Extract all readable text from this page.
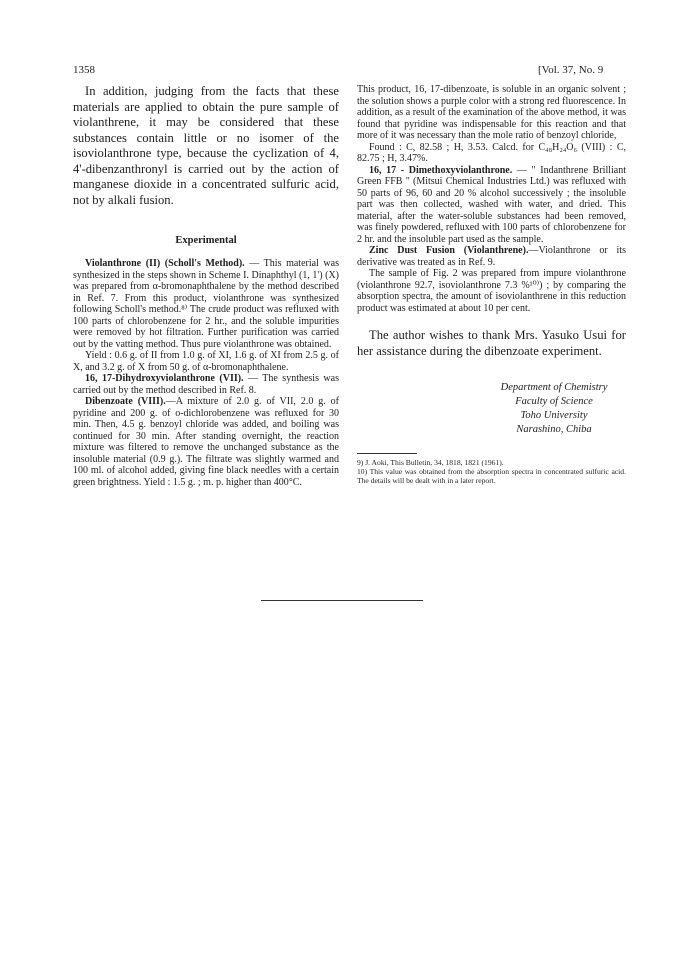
1358	[Vol. 37, No. 9

In addition, judging from the facts that these materials are applied to obtain the pure sample of violanthrene, it may be considered that these substances contain little or no isomer of the isoviolanthrone type, because the cyclization of 4, 4'-dibenzanthronyl is carried out by the action of manganese dioxide in a concentrated sulfuric acid, not by alkali fusion.

Experimental

Violanthrone (II) (Scholl's Method). — This material was synthesized in the steps shown in Scheme I. Dinaphthyl (1, 1') (X) was prepared from α-bromonaphthalene by the method described in Ref. 7. From this product, violanthrone was synthesized following Scholl's method.⁸⁾ The crude product was refluxed with 100 parts of chlorobenzene for 2 hr., and the soluble impurities were removed by hot filtration. Further purification was carried out by the vatting method. Thus pure violanthrone was obtained.

Yield : 0.6 g. of II from 1.0 g. of XI, 1.6 g. of XI from 2.5 g. of X, and 3.2 g. of X from 50 g. of α-bromonaphthalene.

16, 17-Dihydroxyviolanthrone (VII). — The synthesis was carried out by the method described in Ref. 8.

Dibenzoate (VIII).—A mixture of 2.0 g. of VII, 2.0 g. of pyridine and 200 g. of o-dichlorobenzene was refluxed for 30 min. Then, 4.5 g. benzoyl chloride was added, and boiling was continued for 30 min. After standing overnight, the reaction mixture was filtered to remove the unchanged substance as the insoluble material (0.9 g.). The filtrate was slightly warmed and 100 ml. of alcohol added, giving fine black needles with a certain green brightness. Yield : 1.5 g. ; m. p. higher than 400°C.

This product, 16, 17-dibenzoate, is soluble in an organic solvent ; the solution shows a purple color with a strong red fluorescence. In addition, as a result of the examination of the above method, it was found that pyridine was indispensable for this reaction and that more of it was necessary than the mole ratio of benzoyl chloride,

Found : C, 82.58 ; H, 3.53. Calcd. for C₄₈H₂₄O₆ (VIII) : C, 82.75 ; H, 3.47%.

16, 17 - Dimethoxyviolanthrone. — " Indanthrene Brilliant Green FFB " (Mitsui Chemical Industries Ltd.) was refluxed with 50 parts of 96, 60 and 20 % alcohol successively ; the insoluble part was then collected, washed with water, and dried. This material, after the water-soluble substances had been removed, was finely powdered, refluxed with 100 parts of chlorobenzene for 2 hr. and the insoluble part used as the sample.

Zinc Dust Fusion (Violanthrene).—Violanthrone or its derivative was treated as in Ref. 9.

The sample of Fig. 2 was prepared from impure violanthrone (violanthrone 92.7, isoviolanthrone 7.3 %¹⁰⁾) ; by comparing the absorption spectra, the amount of isoviolanthrene in this reduction product was estimated at about 10 per cent.

The author wishes to thank Mrs. Yasuko Usui for her assistance during the dibenzoate experiment.

Department of Chemistry
Faculty of Science
Toho University
Narashino, Chiba

9) J. Aoki, This Bulletin, 34, 1818, 1821 (1961).

10) This value was obtained from the absorption spectra in concentrated sulfuric acid. The details will be dealt with in a later report.
